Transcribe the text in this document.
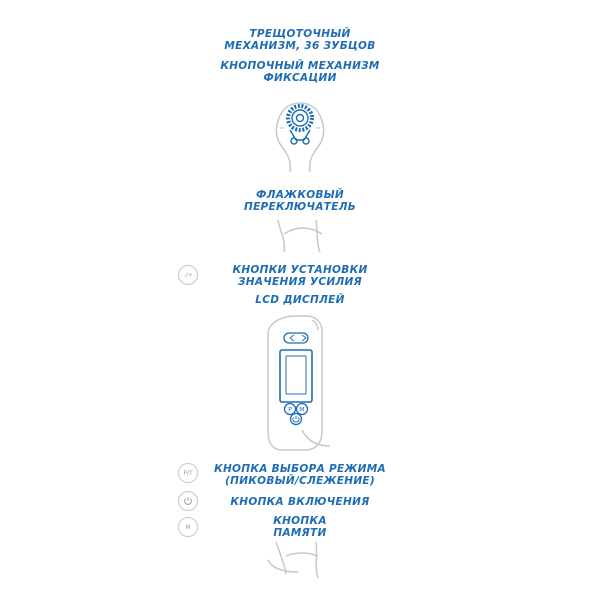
P M
ТРЕЩОТОЧНЫЙ
МЕХАНИЗМ, 36 ЗУБЦОВ
КНОПОЧНЫЙ МЕХАНИЗМ
ФИКСАЦИИ
ФЛАЖКОВЫЙ
ПЕРЕКЛЮЧАТЕЛЬ
-/+	КНОПКИ УСТАНОВКИ
ЗНАЧЕНИЯ УСИЛИЯ
LCD ДИСПЛЕЙ
P/T	КНОПКА ВЫБОРА РЕЖИМА
(ПИКОВЫЙ/СЛЕЖЕНИЕ)
КНОПКА ВКЛЮЧЕНИЯ
M	КНОПКА
ПАМЯТИ
